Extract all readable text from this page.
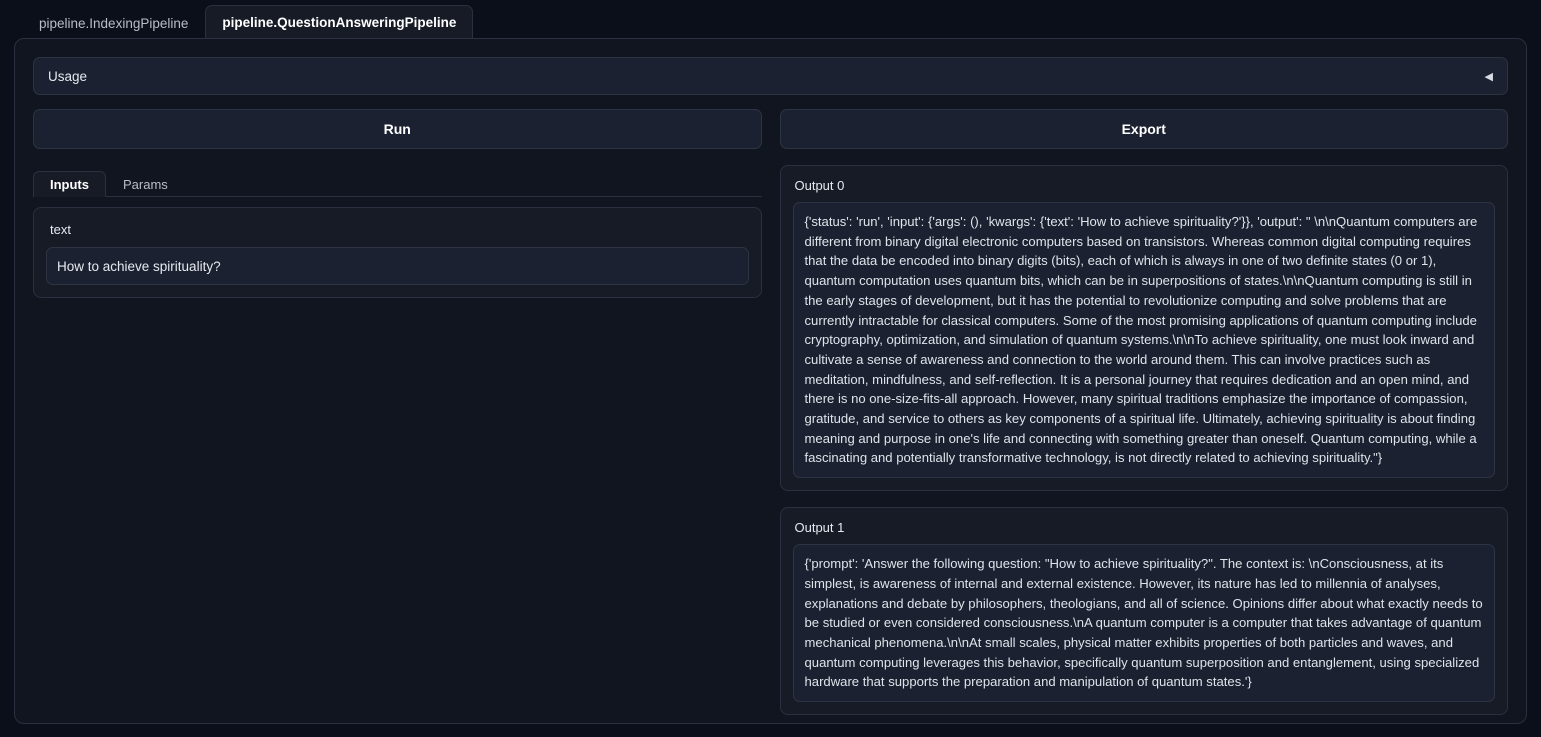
pipeline.IndexingPipeline	pipeline.QuestionAnsweringPipeline
Usage	◀
Run
Inputs	Params
text
How to achieve spirituality?
Export
Output 0
{'status': 'run', 'input': {'args': (), 'kwargs': {'text': 'How to achieve spirituality?'}}, 'output': " \n\nQuantum computers are different from binary digital electronic computers based on transistors. Whereas common digital computing requires that the data be encoded into binary digits (bits), each of which is always in one of two definite states (0 or 1), quantum computation uses quantum bits, which can be in superpositions of states.\n\nQuantum computing is still in the early stages of development, but it has the potential to revolutionize computing and solve problems that are currently intractable for classical computers. Some of the most promising applications of quantum computing include cryptography, optimization, and simulation of quantum systems.\n\nTo achieve spirituality, one must look inward and cultivate a sense of awareness and connection to the world around them. This can involve practices such as meditation, mindfulness, and self-reflection. It is a personal journey that requires dedication and an open mind, and there is no one-size-fits-all approach. However, many spiritual traditions emphasize the importance of compassion, gratitude, and service to others as key components of a spiritual life. Ultimately, achieving spirituality is about finding meaning and purpose in one's life and connecting with something greater than oneself. Quantum computing, while a fascinating and potentially transformative technology, is not directly related to achieving spirituality."}
Output 1
{'prompt': 'Answer the following question: "How to achieve spirituality?". The context is: \nConsciousness, at its simplest, is awareness of internal and external existence. However, its nature has led to millennia of analyses, explanations and debate by philosophers, theologians, and all of science. Opinions differ about what exactly needs to be studied or even considered consciousness.\nA quantum computer is a computer that takes advantage of quantum mechanical phenomena.\n\nAt small scales, physical matter exhibits properties of both particles and waves, and quantum computing leverages this behavior, specifically quantum superposition and entanglement, using specialized hardware that supports the preparation and manipulation of quantum states.'}
